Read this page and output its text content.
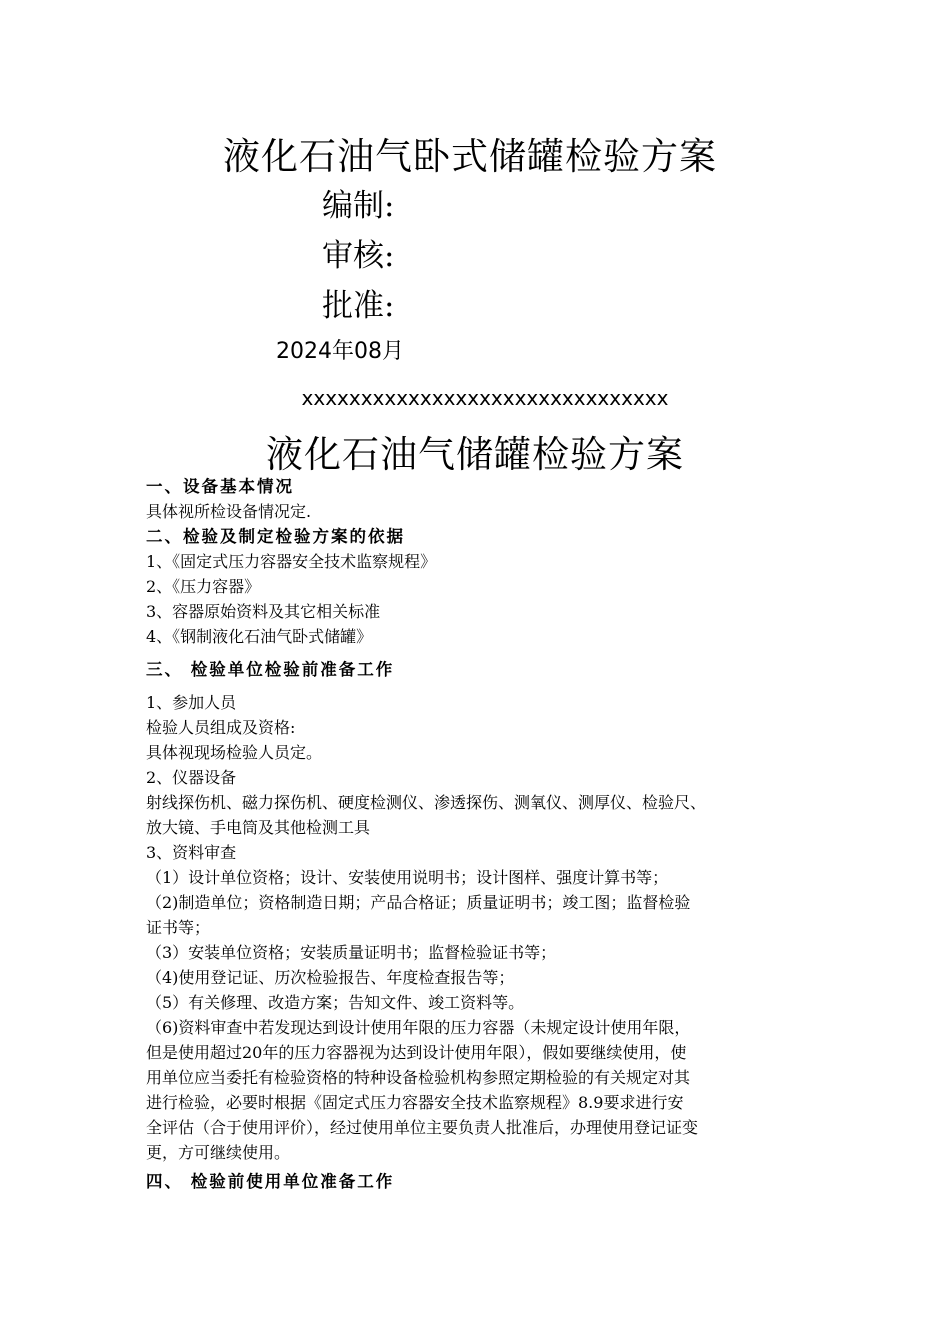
液化石油气卧式储罐检验方案
编制:
审核:
批准:
2024年08月
xxxxxxxxxxxxxxxxxxxxxxxxxxxxxxx
液化石油气储罐检验方案
一、设备基本情况
具体视所检设备情况定.
二、检验及制定检验方案的依据
1、《固定式压力容器安全技术监察规程》
2、《压力容器》
3、容器原始资料及其它相关标准
4、《钢制液化石油气卧式储罐》
三、 检验单位检验前准备工作
1、参加人员
检验人员组成及资格:
具体视现场检验人员定。
2、仪器设备
射线探伤机、磁力探伤机、硬度检测仪、渗透探伤、测氧仪、测厚仪、检验尺、
放大镜、手电筒及其他检测工具
3、资料审查
（1）设计单位资格；设计、安装使用说明书；设计图样、强度计算书等；
（2)制造单位；资格制造日期；产品合格证；质量证明书；竣工图；监督检验
证书等；
（3）安装单位资格；安装质量证明书；监督检验证书等；
（4)使用登记证、历次检验报告、年度检查报告等；
（5）有关修理、改造方案；告知文件、竣工资料等。
（6)资料审查中若发现达到设计使用年限的压力容器（未规定设计使用年限，
但是使用超过20年的压力容器视为达到设计使用年限），假如要继续使用，使
用单位应当委托有检验资格的特种设备检验机构参照定期检验的有关规定对其
进行检验，必要时根据《固定式压力容器安全技术监察规程》8.9要求进行安
全评估（合于使用评价），经过使用单位主要负责人批准后，办理使用登记证变
更，方可继续使用。
四、 检验前使用单位准备工作
